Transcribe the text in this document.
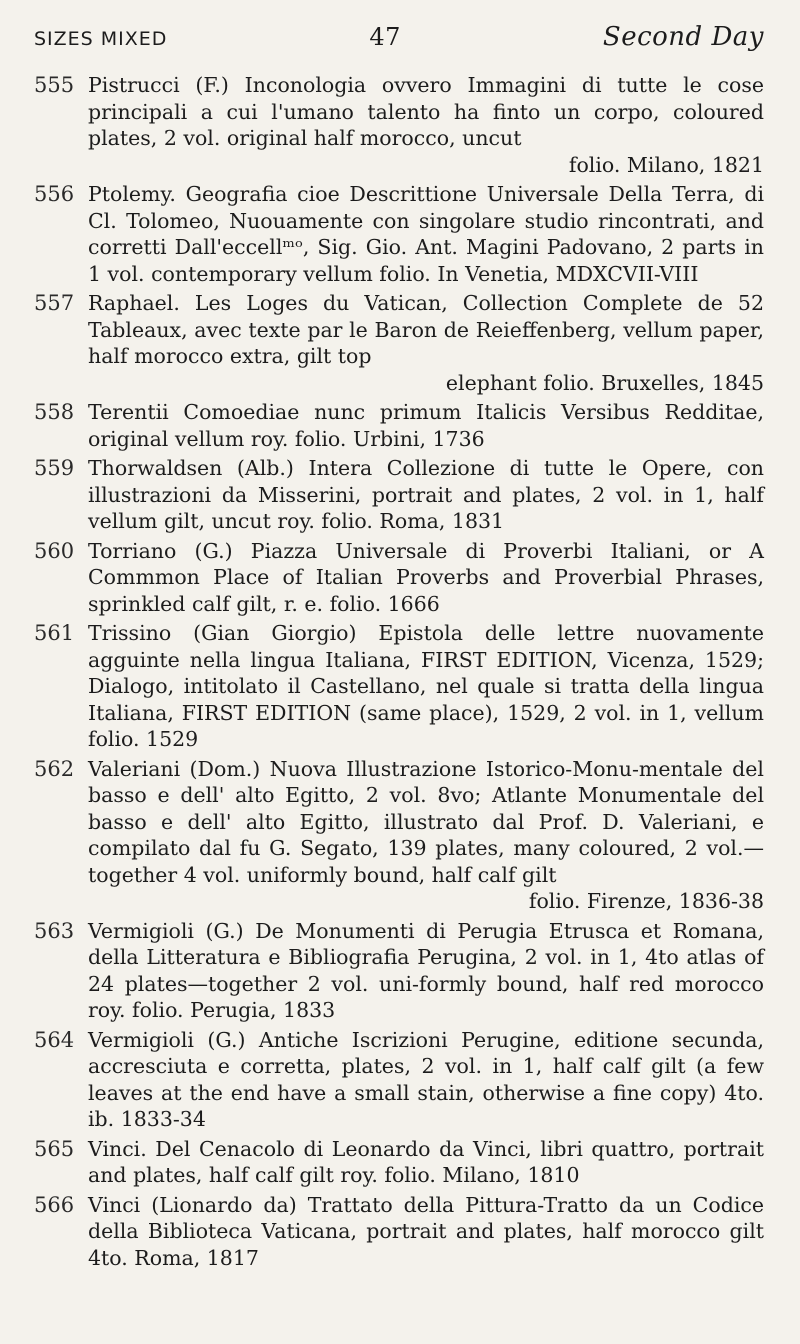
SIZES MIXED	47	Second Day
555 Pistrucci (F.) Inconologia ovvero Immagini di tutte le cose principali a cui l'umano talento ha finto un corpo, coloured plates, 2 vol. original half morocco, uncut
folio. Milano, 1821
556 Ptolemy. Geografia cioe Descrittione Universale Della Terra, di Cl. Tolomeo, Nuouamente con singolare studio rincontrati, and corretti Dall'eccellᵐᵒ, Sig. Gio. Ant. Magini Padovano, 2 parts in 1 vol. contemporary vellum folio. In Venetia, MDXCVII-VIII
557 Raphael. Les Loges du Vatican, Collection Complete de 52 Tableaux, avec texte par le Baron de Reieffenberg, vellum paper, half morocco extra, gilt top
elephant folio. Bruxelles, 1845
558 Terentii Comoediae nunc primum Italicis Versibus Redditae, original vellum roy. folio. Urbini, 1736
559 Thorwaldsen (Alb.) Intera Collezione di tutte le Opere, con illustrazioni da Misserini, portrait and plates, 2 vol. in 1, half vellum gilt, uncut roy. folio. Roma, 1831
560 Torriano (G.) Piazza Universale di Proverbi Italiani, or A Commmon Place of Italian Proverbs and Proverbial Phrases, sprinkled calf gilt, r. e. folio. 1666
561 Trissino (Gian Giorgio) Epistola delle lettre nuovamente agguinte nella lingua Italiana, FIRST EDITION, Vicenza, 1529; Dialogo, intitolato il Castellano, nel quale si tratta della lingua Italiana, FIRST EDITION (same place), 1529, 2 vol. in 1, vellum folio. 1529
562 Valeriani (Dom.) Nuova Illustrazione Istorico-Monu-mentale del basso e dell' alto Egitto, 2 vol. 8vo; Atlante Monumentale del basso e dell' alto Egitto, illustrato dal Prof. D. Valeriani, e compilato dal fu G. Segato, 139 plates, many coloured, 2 vol.— together 4 vol. uniformly bound, half calf gilt
folio. Firenze, 1836-38
563 Vermigioli (G.) De Monumenti di Perugia Etrusca et Romana, della Litteratura e Bibliografia Perugina, 2 vol. in 1, 4to atlas of 24 plates—together 2 vol. uni-formly bound, half red morocco roy. folio. Perugia, 1833
564 Vermigioli (G.) Antiche Iscrizioni Perugine, editione secunda, accresciuta e corretta, plates, 2 vol. in 1, half calf gilt (a few leaves at the end have a small stain, otherwise a fine copy) 4to. ib. 1833-34
565 Vinci. Del Cenacolo di Leonardo da Vinci, libri quattro, portrait and plates, half calf gilt roy. folio. Milano, 1810
566 Vinci (Lionardo da) Trattato della Pittura-Tratto da un Codice della Biblioteca Vaticana, portrait and plates, half morocco gilt 4to. Roma, 1817
